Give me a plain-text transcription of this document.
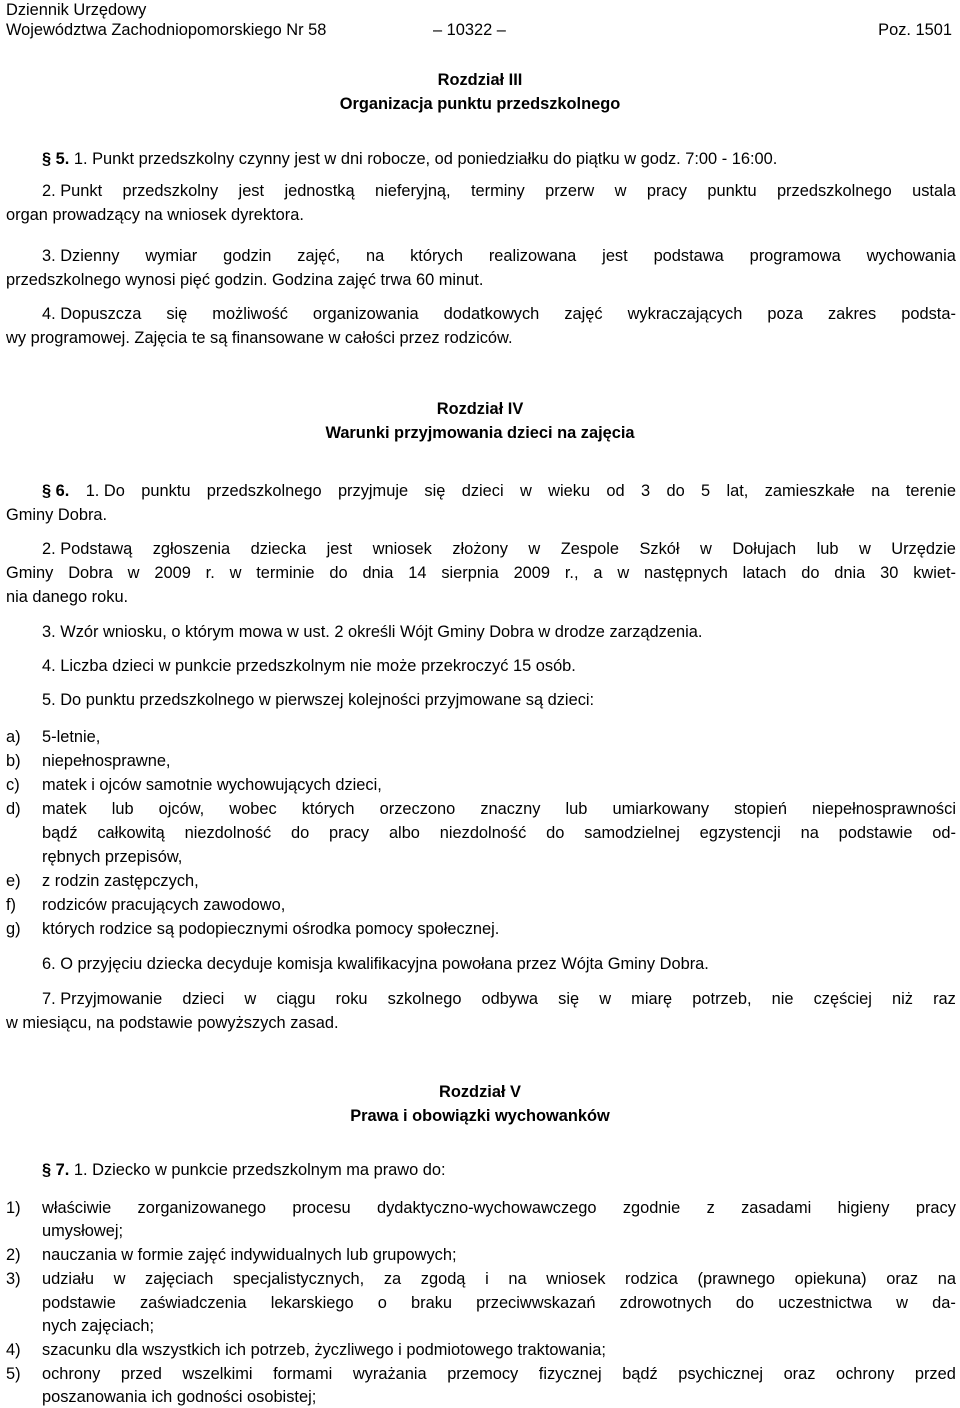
Dziennik Urzędowy
Województwa Zachodniopomorskiego Nr 58	– 10322 –	Poz. 1501
Rozdział III
Organizacja punktu przedszkolnego
§ 5. 1. Punkt przedszkolny czynny jest w dni robocze, od poniedziałku do piątku w godz. 7:00 - 16:00.
2. Punkt przedszkolny jest jednostką nieferyjną, terminy przerw w pracy punktu przedszkolnego ustala
organ prowadzący na wniosek dyrektora.
3. Dzienny wymiar godzin zajęć, na których realizowana jest podstawa programowa wychowania
przedszkolnego wynosi pięć godzin. Godzina zajęć trwa 60 minut.
4. Dopuszcza się możliwość organizowania dodatkowych zajęć wykraczających poza zakres podsta-
wy programowej. Zajęcia te są finansowane w całości przez rodziców.
Rozdział IV
Warunki przyjmowania dzieci na zajęcia
§ 6. 1. Do punktu przedszkolnego przyjmuje się dzieci w wieku od 3 do 5 lat, zamieszkałe na terenie
Gminy Dobra.
2. Podstawą zgłoszenia dziecka jest wniosek złożony w Zespole Szkół w Dołujach lub w Urzędzie
Gminy Dobra w 2009 r. w terminie do dnia 14 sierpnia 2009 r., a w następnych latach do dnia 30 kwiet-
nia danego roku.
3. Wzór wniosku, o którym mowa w ust. 2 określi Wójt Gminy Dobra w drodze zarządzenia.
4. Liczba dzieci w punkcie przedszkolnym nie może przekroczyć 15 osób.
5. Do punktu przedszkolnego w pierwszej kolejności przyjmowane są dzieci:
a) 5-letnie,
b) niepełnosprawne,
c) matek i ojców samotnie wychowujących dzieci,
d) matek lub ojców, wobec których orzeczono znaczny lub umiarkowany stopień niepełnosprawności
bądź całkowitą niezdolność do pracy albo niezdolność do samodzielnej egzystencji na podstawie od-
rębnych przepisów,
e) z rodzin zastępczych,
f) rodziców pracujących zawodowo,
g) których rodzice są podopiecznymi ośrodka pomocy społecznej.
6. O przyjęciu dziecka decyduje komisja kwalifikacyjna powołana przez Wójta Gminy Dobra.
7. Przyjmowanie dzieci w ciągu roku szkolnego odbywa się w miarę potrzeb, nie częściej niż raz
w miesiącu, na podstawie powyższych zasad.
Rozdział V
Prawa i obowiązki wychowanków
§ 7. 1. Dziecko w punkcie przedszkolnym ma prawo do:
1) właściwie zorganizowanego procesu dydaktyczno-wychowawczego zgodnie z zasadami higieny pracy
umysłowej;
2) nauczania w formie zajęć indywidualnych lub grupowych;
3) udziału w zajęciach specjalistycznych, za zgodą i na wniosek rodzica (prawnego opiekuna) oraz na
podstawie zaświadczenia lekarskiego o braku przeciwwskazań zdrowotnych do uczestnictwa w da-
nych zajęciach;
4) szacunku dla wszystkich ich potrzeb, życzliwego i podmiotowego traktowania;
5) ochrony przed wszelkimi formami wyrażania przemocy fizycznej bądź psychicznej oraz ochrony przed
poszanowania ich godności osobistej;
